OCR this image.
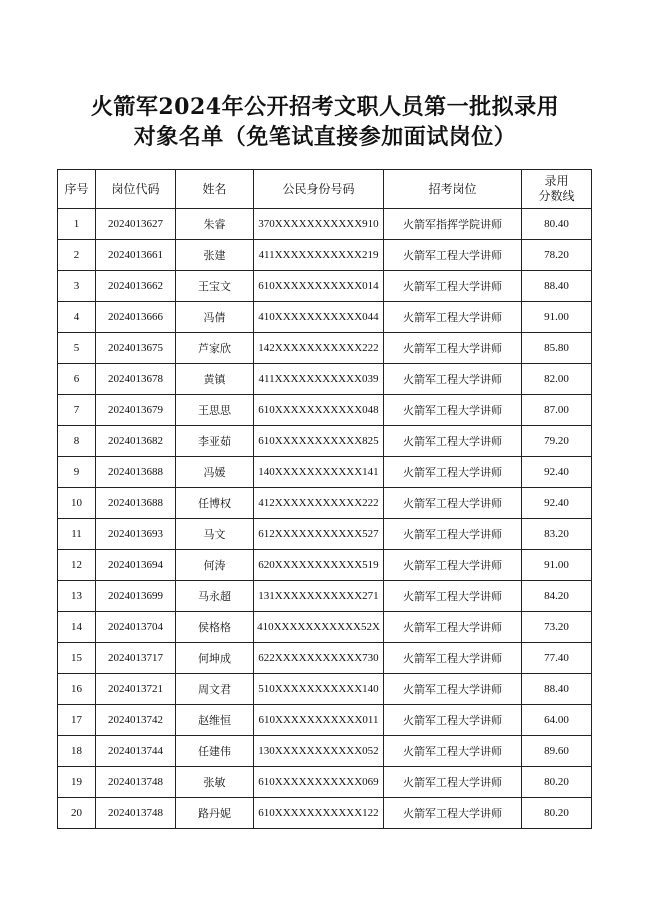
火箭军2024年公开招考文职人员第一批拟录用
对象名单（免笔试直接参加面试岗位）
序号	岗位代码	姓名	公民身份号码	招考岗位	录用
分数线

1	2024013627	朱睿	370XXXXXXXXXXX910	火箭军指挥学院讲师	80.40
2	2024013661	张建	411XXXXXXXXXXX219	火箭军工程大学讲师	78.20
3	2024013662	王宝文	610XXXXXXXXXXX014	火箭军工程大学讲师	88.40
4	2024013666	冯倩	410XXXXXXXXXXX044	火箭军工程大学讲师	91.00
5	2024013675	芦家欣	142XXXXXXXXXXX222	火箭军工程大学讲师	85.80
6	2024013678	黄镇	411XXXXXXXXXXX039	火箭军工程大学讲师	82.00
7	2024013679	王思思	610XXXXXXXXXXX048	火箭军工程大学讲师	87.00
8	2024013682	李亚茹	610XXXXXXXXXXX825	火箭军工程大学讲师	79.20
9	2024013688	冯媛	140XXXXXXXXXXX141	火箭军工程大学讲师	92.40
10	2024013688	任博权	412XXXXXXXXXXX222	火箭军工程大学讲师	92.40
11	2024013693	马文	612XXXXXXXXXXX527	火箭军工程大学讲师	83.20
12	2024013694	何涛	620XXXXXXXXXXX519	火箭军工程大学讲师	91.00
13	2024013699	马永超	131XXXXXXXXXXX271	火箭军工程大学讲师	84.20
14	2024013704	侯格格	410XXXXXXXXXXX52X	火箭军工程大学讲师	73.20
15	2024013717	何坤成	622XXXXXXXXXXX730	火箭军工程大学讲师	77.40
16	2024013721	周文君	510XXXXXXXXXXX140	火箭军工程大学讲师	88.40
17	2024013742	赵维恒	610XXXXXXXXXXX011	火箭军工程大学讲师	64.00
18	2024013744	任建伟	130XXXXXXXXXXX052	火箭军工程大学讲师	89.60
19	2024013748	张敏	610XXXXXXXXXXX069	火箭军工程大学讲师	80.20
20	2024013748	路丹妮	610XXXXXXXXXXX122	火箭军工程大学讲师	80.20
